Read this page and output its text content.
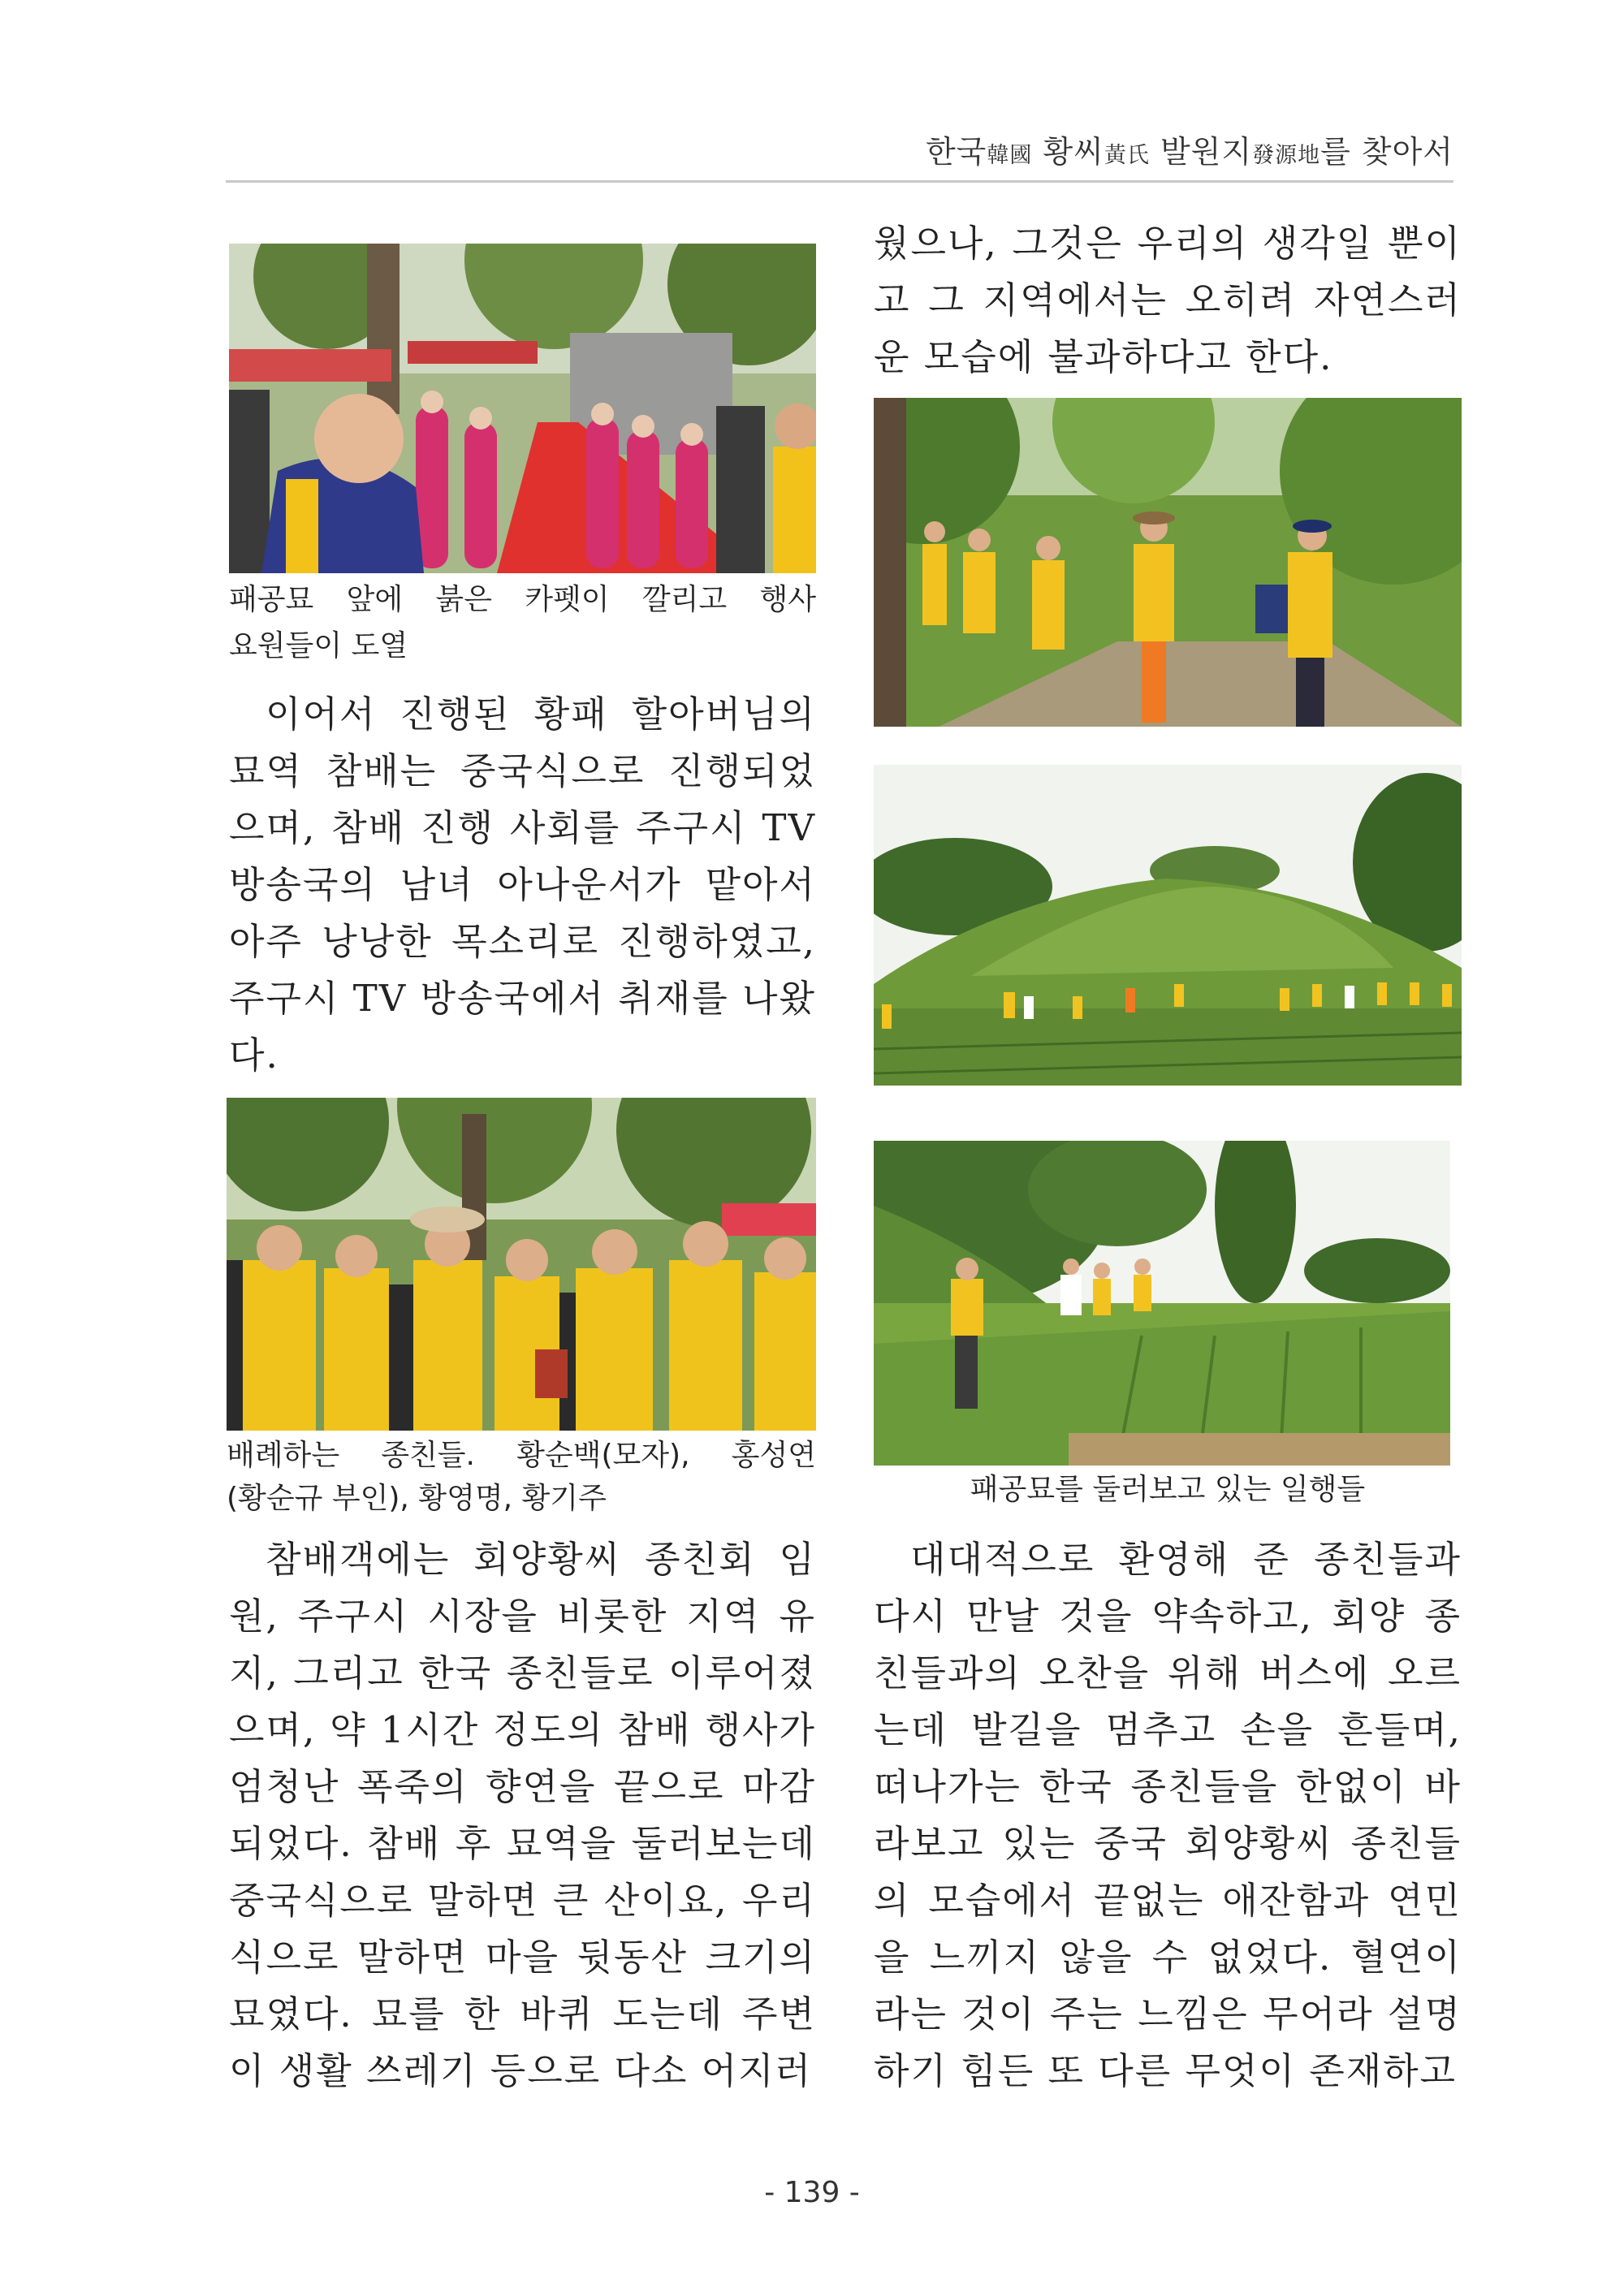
한국韓國 황씨黃氏 발원지發源地를 찾아서
패공묘 앞에 붉은 카펫이 깔리고 행사
요원들이 도열

이어서 진행된 황패 할아버님의 묘역 참배는 중국식으로 진행되었으며, 참배 진행 사회를 주구시 TV 방송국의 남녀 아나운서가 맡아서 아주 낭낭한 목소리로 진행하였고, 주구시 TV 방송국에서 취재를 나왔다.

배례하는 종친들. 황순백(모자), 홍성연
(황순규 부인), 황영명, 황기주

참배객에는 회양황씨 종친회 임원, 주구시 시장을 비롯한 지역 유지, 그리고 한국 종친들로 이루어졌으며, 약 1시간 정도의 참배 행사가 엄청난 폭죽의 향연을 끝으로 마감되었다. 참배 후 묘역을 둘러보는데 중국식으로 말하면 큰 산이요, 우리식으로 말하면 마을 뒷동산 크기의 묘였다. 묘를 한 바퀴 도는데 주변이 생활 쓰레기 등으로 다소 어지러

웠으나, 그것은 우리의 생각일 뿐이고 그 지역에서는 오히려 자연스러운 모습에 불과하다고 한다.

패공묘를 둘러보고 있는 일행들

대대적으로 환영해 준 종친들과 다시 만날 것을 약속하고, 회양 종친들과의 오찬을 위해 버스에 오르는데 발길을 멈추고 손을 흔들며, 떠나가는 한국 종친들을 한없이 바라보고 있는 중국 회양황씨 종친들의 모습에서 끝없는 애잔함과 연민을 느끼지 않을 수 없었다. 혈연이라는 것이 주는 느낌은 무어라 설명하기 힘든 또 다른 무엇이 존재하고

- 139 -
